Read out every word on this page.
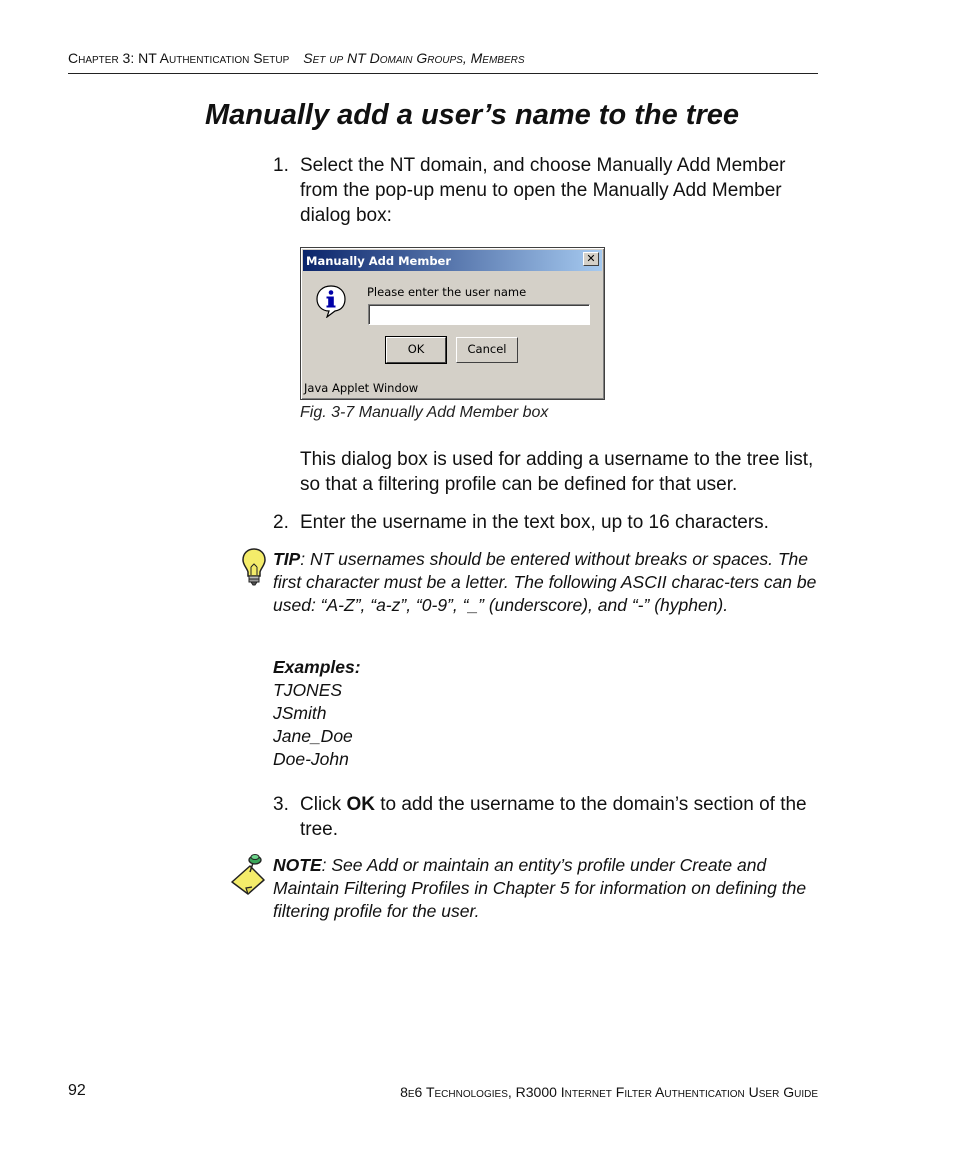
Chapter 3: NT Authentication Setup Set up NT Domain Groups, Members
Manually add a user’s name to the tree
1. Select the NT domain, and choose Manually Add Member from the pop-up menu to open the Manually Add Member dialog box:
Manually Add Member	✕
Please enter the user name
OK	Cancel
Java Applet Window
Fig. 3-7 Manually Add Member box
This dialog box is used for adding a username to the tree list, so that a filtering profile can be defined for that user.
2. Enter the username in the text box, up to 16 characters.
TIP: NT usernames should be entered without breaks or spaces. The first character must be a letter. The following ASCII charac-ters can be used: “A-Z”, “a-z”, “0-9”, “_” (underscore), and “-” (hyphen).
Examples:
TJONES
JSmith
Jane_Doe
Doe-John
3. Click OK to add the username to the domain’s section of the tree.
NOTE: See Add or maintain an entity’s profile under Create and Maintain Filtering Profiles in Chapter 5 for information on defining the filtering profile for the user.
92	8e6 Technologies, R3000 Internet Filter Authentication User Guide
